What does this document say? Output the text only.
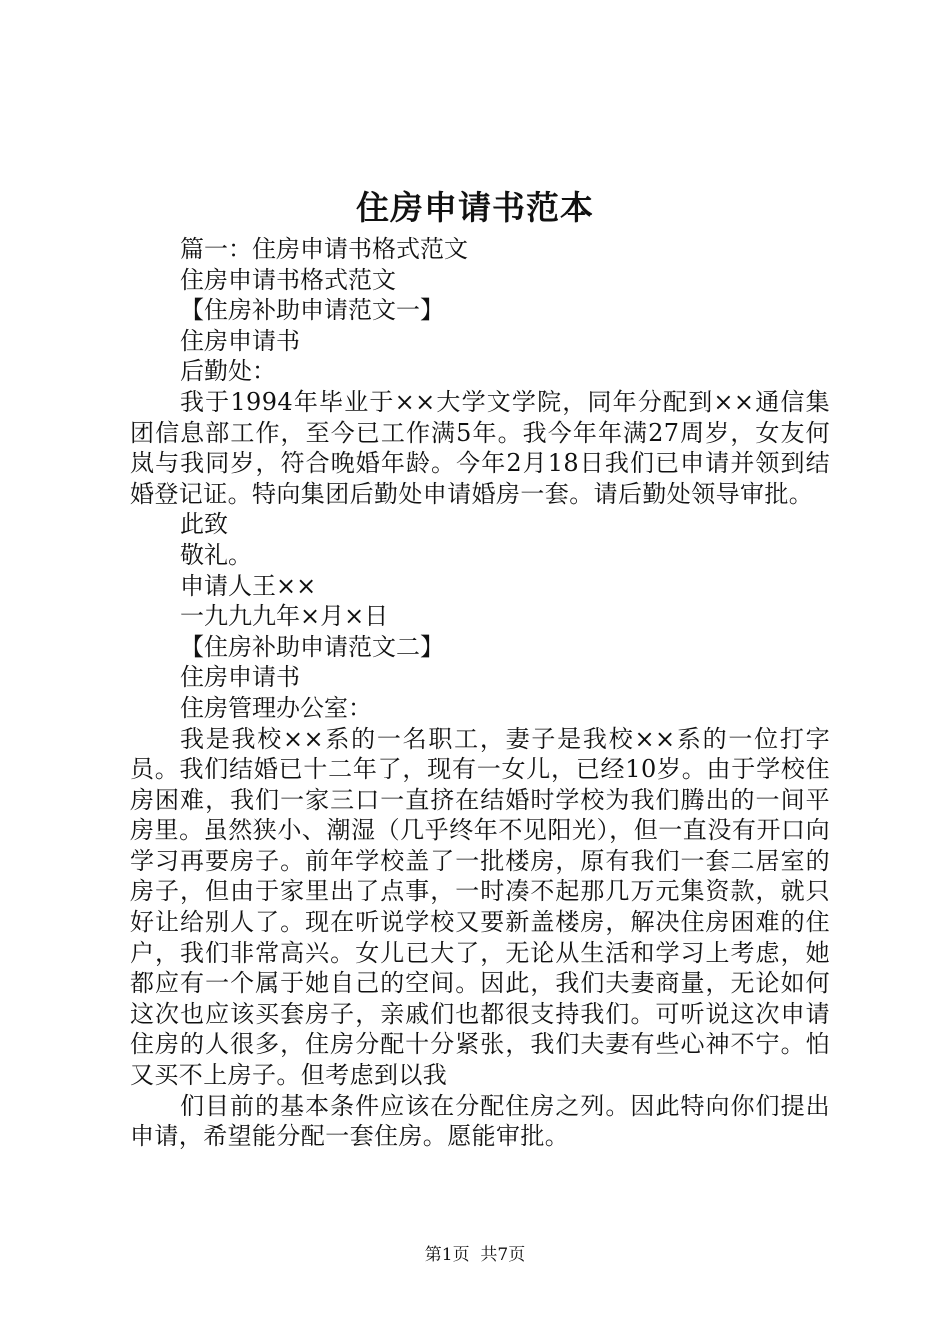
住房申请书范本

篇一：住房申请书格式范文

住房申请书格式范文

【住房补助申请范文一】

住房申请书

后勤处：

我于1994年毕业于××大学文学院，同年分配到××通信集团信息部工作，至今已工作满5年。我今年年满27周岁，女友何岚与我同岁，符合晚婚年龄。今年2月18日我们已申请并领到结婚登记证。特向集团后勤处申请婚房一套。请后勤处领导审批。

此致

敬礼。

申请人王××

一九九九年×月×日

【住房补助申请范文二】

住房申请书

住房管理办公室：

我是我校××系的一名职工，妻子是我校××系的一位打字员。我们结婚已十二年了，现有一女儿，已经10岁。由于学校住房困难，我们一家三口一直挤在结婚时学校为我们腾出的一间平房里。虽然狭小、潮湿（几乎终年不见阳光），但一直没有开口向学习再要房子。前年学校盖了一批楼房，原有我们一套二居室的房子，但由于家里出了点事，一时凑不起那几万元集资款，就只好让给别人了。现在听说学校又要新盖楼房，解决住房困难的住户，我们非常高兴。女儿已大了，无论从生活和学习上考虑，她都应有一个属于她自己的空间。因此，我们夫妻商量，无论如何这次也应该买套房子，亲戚们也都很支持我们。可听说这次申请住房的人很多，住房分配十分紧张，我们夫妻有些心神不宁。怕又买不上房子。但考虑到以我

们目前的基本条件应该在分配住房之列。因此特向你们提出申请，希望能分配一套住房。愿能审批。

第1页 共7页
